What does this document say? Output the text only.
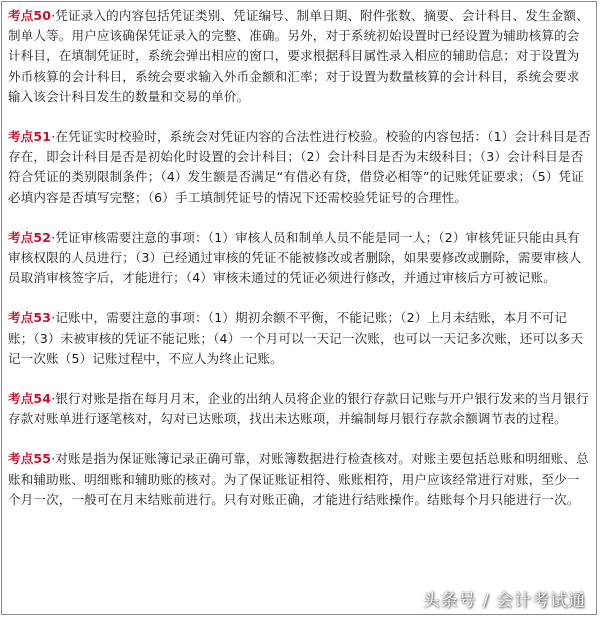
考点50·凭证录入的内容包括凭证类别、凭证编号、制单日期、附件张数、摘要、会计科目、发生金额、制单人等。用户应该确保凭证录入的完整、准确。另外，对于系统初始设置时已经设置为辅助核算的会计科目，在填制凭证时，系统会弹出相应的窗口，要求根据科目属性录入相应的辅助信息；对于设置为外币核算的会计科目，系统会要求输入外币金额和汇率；对于设置为数量核算的会计科目，系统会要求输入该会计科目发生的数量和交易的单价。

考点51·在凭证实时校验时，系统会对凭证内容的合法性进行校验。校验的内容包括：（1）会计科目是否存在，即会计科目是否是初始化时设置的会计科目；（2）会计科目是否为末级科目；（3）会计科目是否符合凭证的类别限制条件；（4）发生额是否满足“有借必有贷，借贷必相等”的记账凭证要求；（5）凭证必填内容是否填写完整；（6）手工填制凭证号的情况下还需校验凭证号的合理性。

考点52·凭证审核需要注意的事项：（1）审核人员和制单人员不能是同一人；（2）审核凭证只能由具有审核权限的人员进行；（3）已经通过审核的凭证不能被修改或者删除，如果要修改或删除，需要审核人员取消审核签字后，才能进行；（4）审核未通过的凭证必须进行修改，并通过审核后方可被记账。

考点53·记账中，需要注意的事项：（1）期初余额不平衡，不能记账；（2）上月未结账，本月不可记账；（3）未被审核的凭证不能记账；（4）一个月可以一天记一次账，也可以一天记多次账，还可以多天记一次账（5）记账过程中，不应人为终止记账。

考点54·银行对账是指在每月月末，企业的出纳人员将企业的银行存款日记账与开户银行发来的当月银行存款对账单进行逐笔核对，勾对已达账项，找出未达账项，并编制每月银行存款余额调节表的过程。

考点55·对账是指为保证账簿记录正确可靠，对账簿数据进行检查核对。对账主要包括总账和明细账、总账和辅助账、明细账和辅助账的核对。为了保证账证相符、账账相符，用户应该经常进行对账，至少一个月一次，一般可在月末结账前进行。只有对账正确，才能进行结账操作。结账每个月只能进行一次。

头条号 / 会计考试通
